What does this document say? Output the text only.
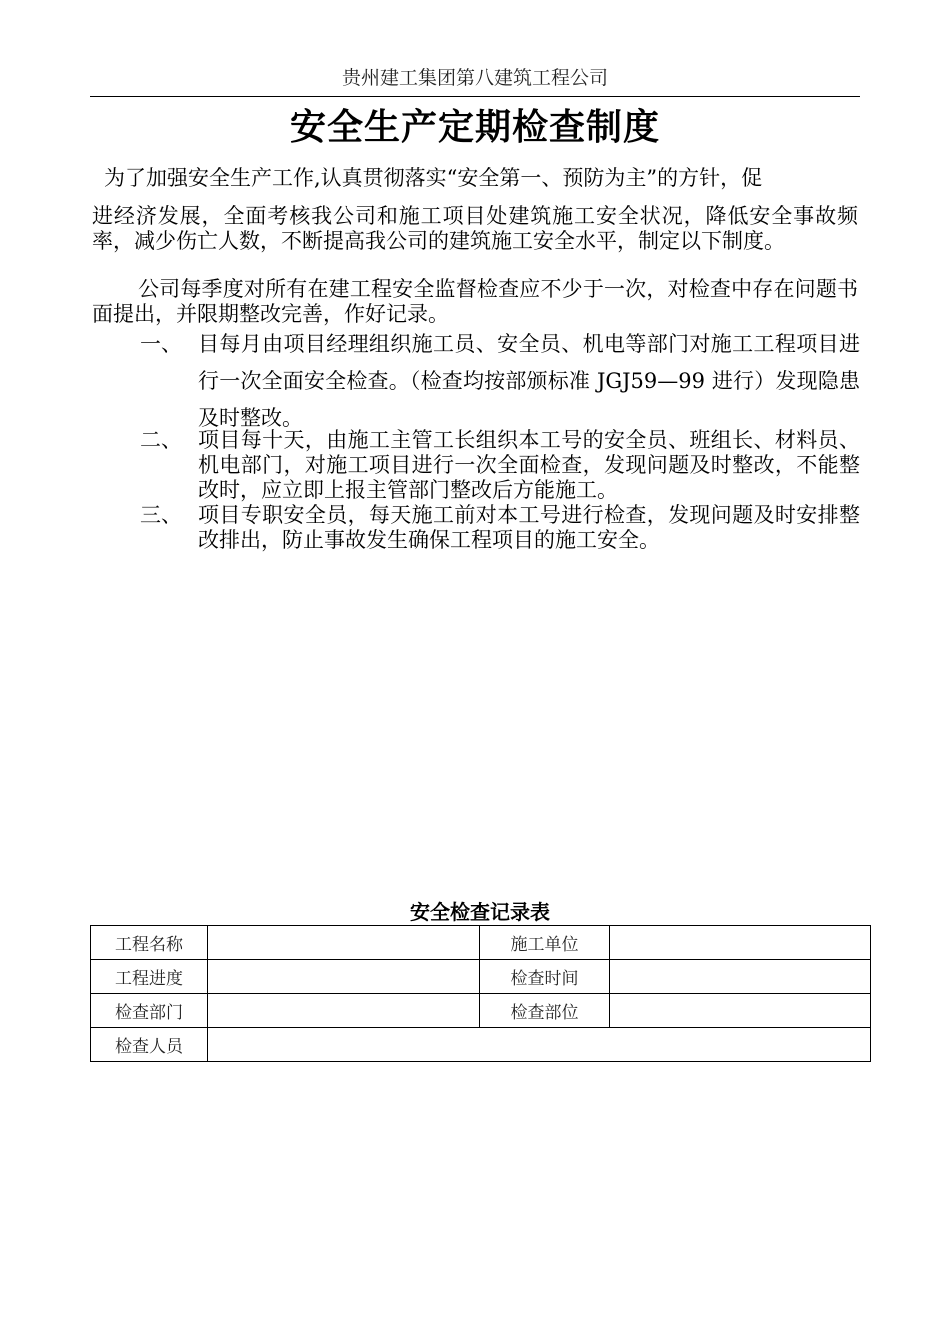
贵州建工集团第八建筑工程公司
安全生产定期检查制度
为了加强安全生产工作,认真贯彻落实“安全第一、预防为主”的方针，促
进经济发展，全面考核我公司和施工项目处建筑施工安全状况，降低安全事故频率，减少伤亡人数，不断提高我公司的建筑施工安全水平，制定以下制度。
公司每季度对所有在建工程安全监督检查应不少于一次，对检查中存在问题书面提出，并限期整改完善，作好记录。
一、 目每月由项目经理组织施工员、安全员、机电等部门对施工工程项目进行一次全面安全检查。（检查均按部颁标准 JGJ59—99 进行）发现隐患及时整改。
二、 项目每十天，由施工主管工长组织本工号的安全员、班组长、材料员、机电部门，对施工项目进行一次全面检查，发现问题及时整改，不能整改时，应立即上报主管部门整改后方能施工。
三、 项目专职安全员，每天施工前对本工号进行检查，发现问题及时安排整改排出，防止事故发生确保工程项目的施工安全。
安全检查记录表
工程名称		施工单位	
工程进度		检查时间	
检查部门		检查部位	
检查人员			
